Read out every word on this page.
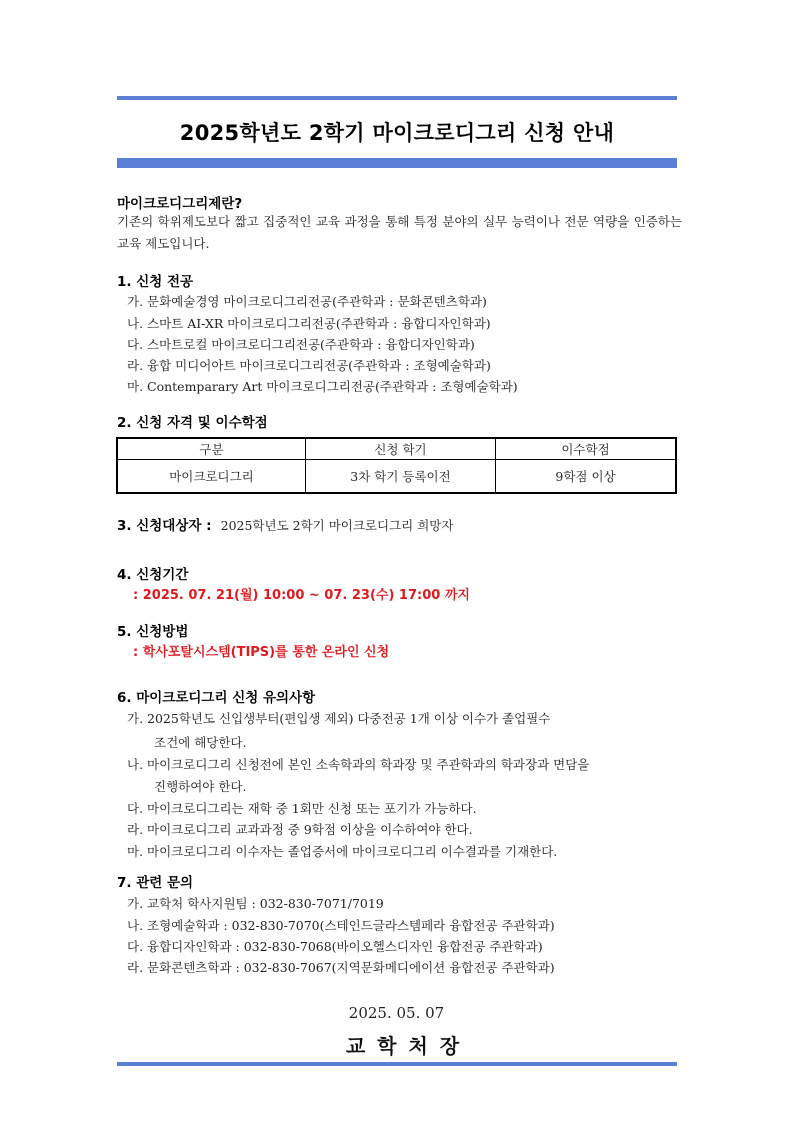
2025학년도 2학기 마이크로디그리 신청 안내
마이크로디그리제란?
기존의 학위제도보다 짧고 집중적인 교육 과정을 통해 특정 분야의 실무 능력이나 전문 역량을 인증하는 교육 제도입니다.
1. 신청 전공
가. 문화예술경영 마이크로디그리전공(주관학과 : 문화콘텐츠학과)
나. 스마트 AI-XR 마이크로디그리전공(주관학과 : 융합디자인학과)
다. 스마트로컬 마이크로디그리전공(주관학과 : 융합디자인학과)
라. 융합 미디어아트 마이크로디그리전공(주관학과 : 조형예술학과)
마. Contemparary Art 마이크로디그리전공(주관학과 : 조형예술학과)
2. 신청 자격 및 이수학점
구분	신청 학기	이수학점
마이크로디그리	3차 학기 등록이전	9학점 이상
3. 신청대상자 : 2025학년도 2학기 마이크로디그리 희망자
4. 신청기간
: 2025. 07. 21(월) 10:00 ~ 07. 23(수) 17:00 까지
5. 신청방법
: 학사포탈시스템(TIPS)를 통한 온라인 신청
6. 마이크로디그리 신청 유의사항
가. 2025학년도 신입생부터(편입생 제외) 다중전공 1개 이상 이수가 졸업필수
조건에 해당한다.
나. 마이크로디그리 신청전에 본인 소속학과의 학과장 및 주관학과의 학과장과 면담을
진행하여야 한다.
다. 마이크로디그리는 재학 중 1회만 신청 또는 포기가 가능하다.
라. 마이크로디그리 교과과정 중 9학점 이상을 이수하여야 한다.
마. 마이크로디그리 이수자는 졸업증서에 마이크로디그리 이수결과를 기재한다.
7. 관련 문의
가. 교학처 학사지원팀 : 032-830-7071/7019
나. 조형예술학과 : 032-830-7070(스테인드글라스템페라 융합전공 주관학과)
다. 융합디자인학과 : 032-830-7068(바이오헬스디자인 융합전공 주관학과)
라. 문화콘텐츠학과 : 032-830-7067(지역문화메디에이션 융합전공 주관학과)
2025. 05. 07
교학처장
